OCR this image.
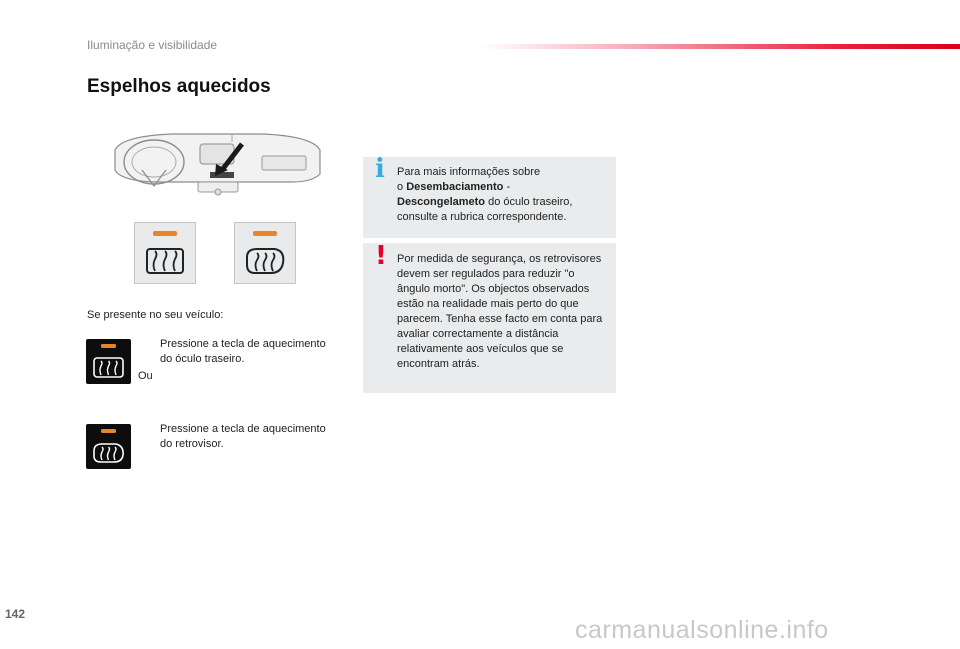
Iluminação e visibilidade
Espelhos aquecidos
Se presente no seu veículo:
Pressione a tecla de aquecimento do óculo traseiro.
Ou
Pressione a tecla de aquecimento do retrovisor.
i Para mais informações sobre
o Desembaciamento -
Descongelameto do óculo traseiro,
consulte a rubrica correspondente.
! Por medida de segurança, os retrovisores devem ser regulados para reduzir "o ângulo morto". Os objectos observados estão na realidade mais perto do que parecem. Tenha esse facto em conta para avaliar correctamente a distância relativamente aos veículos que se encontram atrás.
142
carmanualsonline.info
